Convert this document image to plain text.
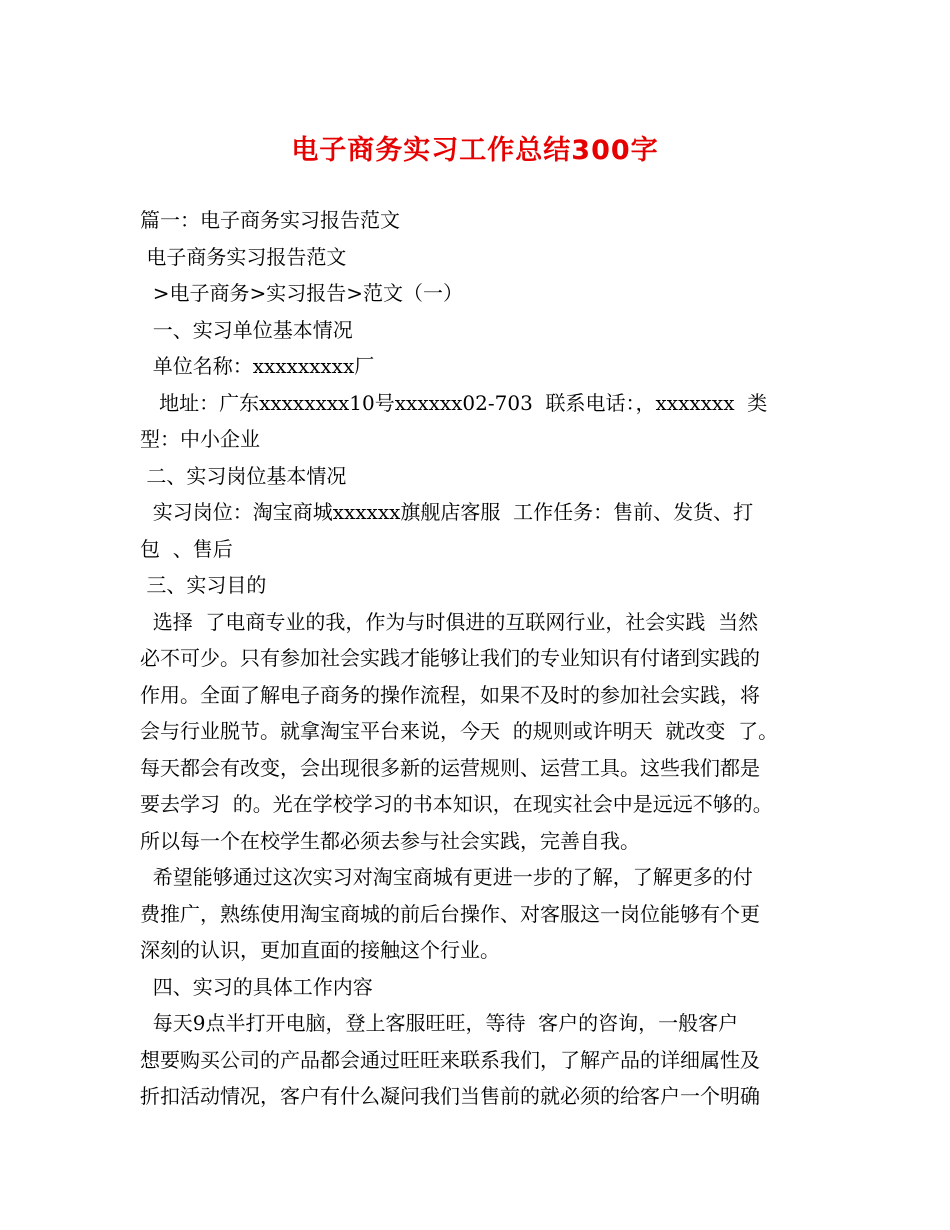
电子商务实习工作总结300字
篇一：电子商务实习报告范文
电子商务实习报告范文
>电子商务>实习报告>范文（一）
一、实习单位基本情况
单位名称：xxxxxxxxx厂
地址：广东xxxxxxxx10号xxxxxx02-703  联系电话：，xxxxxxx  类
型：中小企业
二、实习岗位基本情况
实习岗位：淘宝商城xxxxxx旗舰店客服  工作任务：售前、发货、打
包  、售后
三、实习目的
选择  了电商专业的我，作为与时俱进的互联网行业，社会实践  当然
必不可少。只有参加社会实践才能够让我们的专业知识有付诸到实践的
作用。全面了解电子商务的操作流程，如果不及时的参加社会实践，将
会与行业脱节。就拿淘宝平台来说，今天  的规则或许明天  就改变  了。
每天都会有改变，会出现很多新的运营规则、运营工具。这些我们都是
要去学习  的。光在学校学习的书本知识，在现实社会中是远远不够的。
所以每一个在校学生都必须去参与社会实践，完善自我。
希望能够通过这次实习对淘宝商城有更进一步的了解，了解更多的付
费推广，熟练使用淘宝商城的前后台操作、对客服这一岗位能够有个更
深刻的认识，更加直面的接触这个行业。
四、实习的具体工作内容
每天9点半打开电脑，登上客服旺旺，等待  客户的咨询，一般客户
想要购买公司的产品都会通过旺旺来联系我们，了解产品的详细属性及
折扣活动情况，客户有什么凝问我们当售前的就必须的给客户一个明确
